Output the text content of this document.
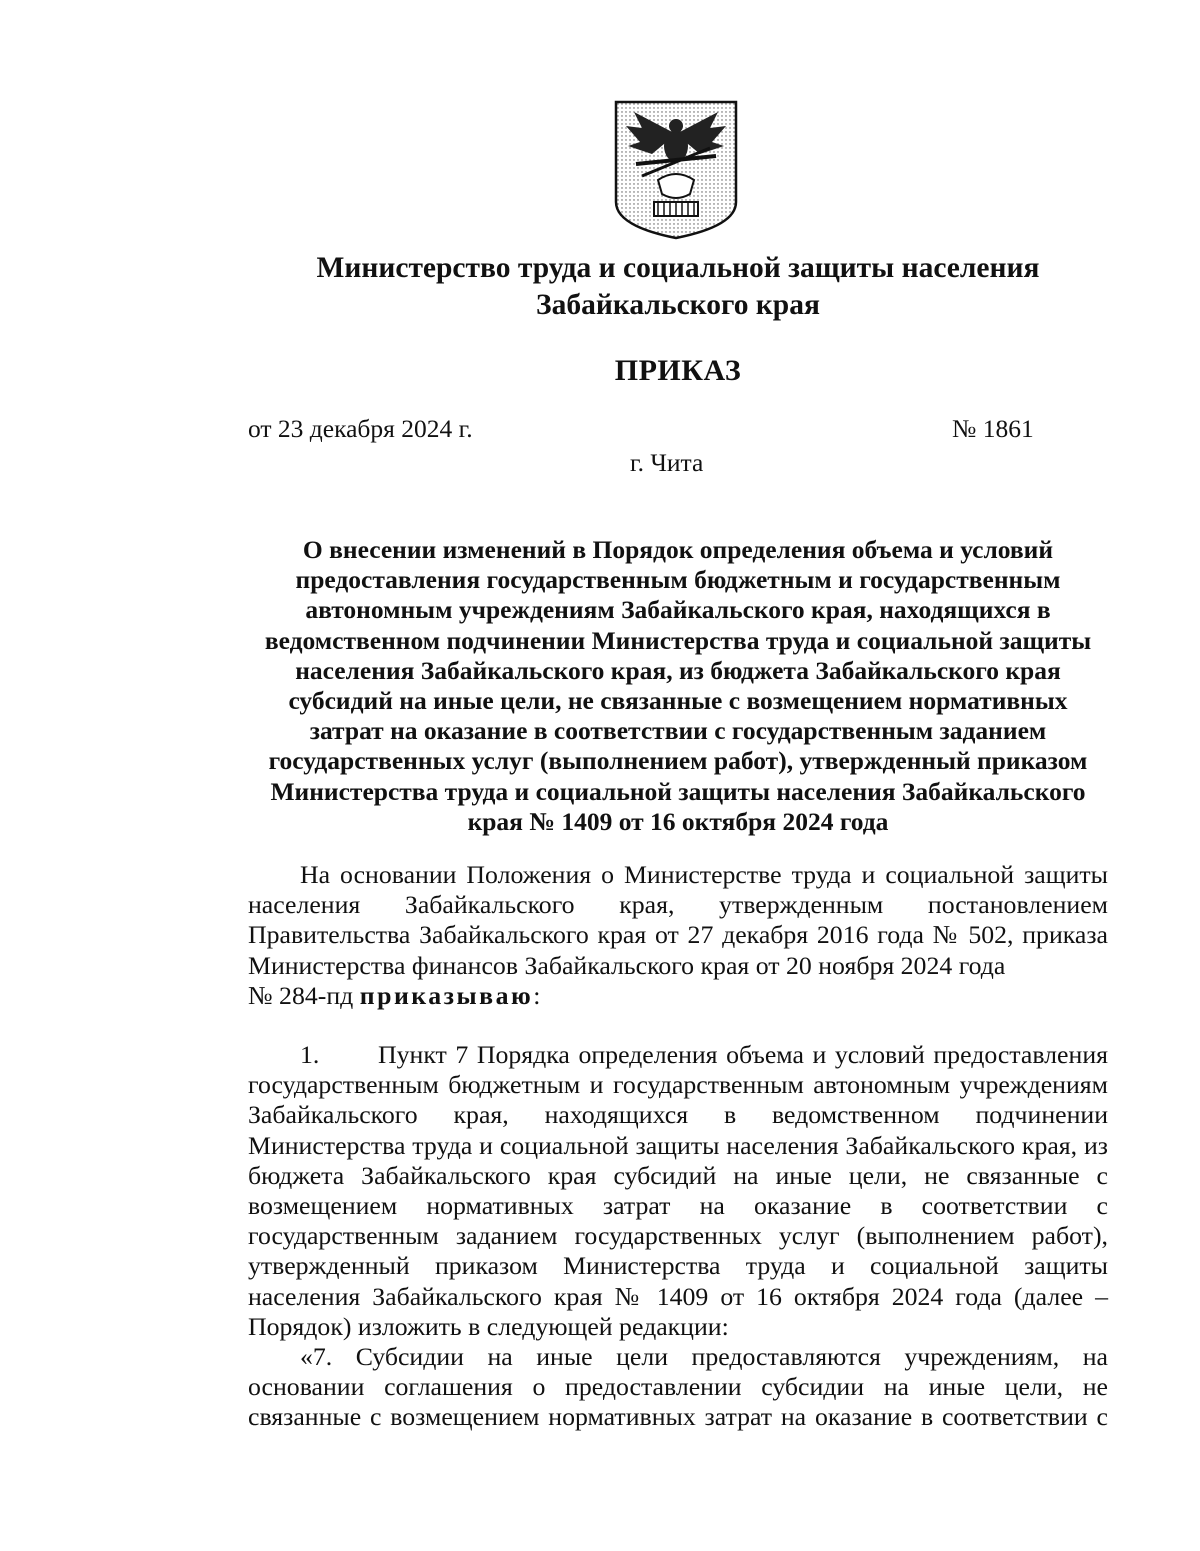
Министерство труда и социальной защиты населения
Забайкальского края
ПРИКАЗ
от 23 декабря 2024 г.	№ 1861
г. Чита
О внесении изменений в Порядок определения объема и условий
предоставления государственным бюджетным и государственным
автономным учреждениям Забайкальского края, находящихся в
ведомственном подчинении Министерства труда и социальной защиты
населения Забайкальского края, из бюджета Забайкальского края
субсидий на иные цели, не связанные с возмещением нормативных
затрат на оказание в соответствии с государственным заданием
государственных услуг (выполнением работ), утвержденный приказом
Министерства труда и социальной защиты населения Забайкальского
края № 1409 от 16 октября 2024 года
На основании Положения о Министерстве труда и социальной защиты
населения Забайкальского края, утвержденным постановлением
Правительства Забайкальского края от 27 декабря 2016 года № 502, приказа
Министерства финансов Забайкальского края от 20 ноября 2024 года
№ 284-пд приказываю:
1. Пункт 7 Порядка определения объема и условий предоставления
государственным бюджетным и государственным автономным учреждениям
Забайкальского края, находящихся в ведомственном подчинении
Министерства труда и социальной защиты населения Забайкальского края, из
бюджета Забайкальского края субсидий на иные цели, не связанные с
возмещением нормативных затрат на оказание в соответствии с
государственным заданием государственных услуг (выполнением работ),
утвержденный приказом Министерства труда и социальной защиты
населения Забайкальского края № 1409 от 16 октября 2024 года (далее –
Порядок) изложить в следующей редакции:
«7. Субсидии на иные цели предоставляются учреждениям, на
основании соглашения о предоставлении субсидии на иные цели, не
связанные с возмещением нормативных затрат на оказание в соответствии с
